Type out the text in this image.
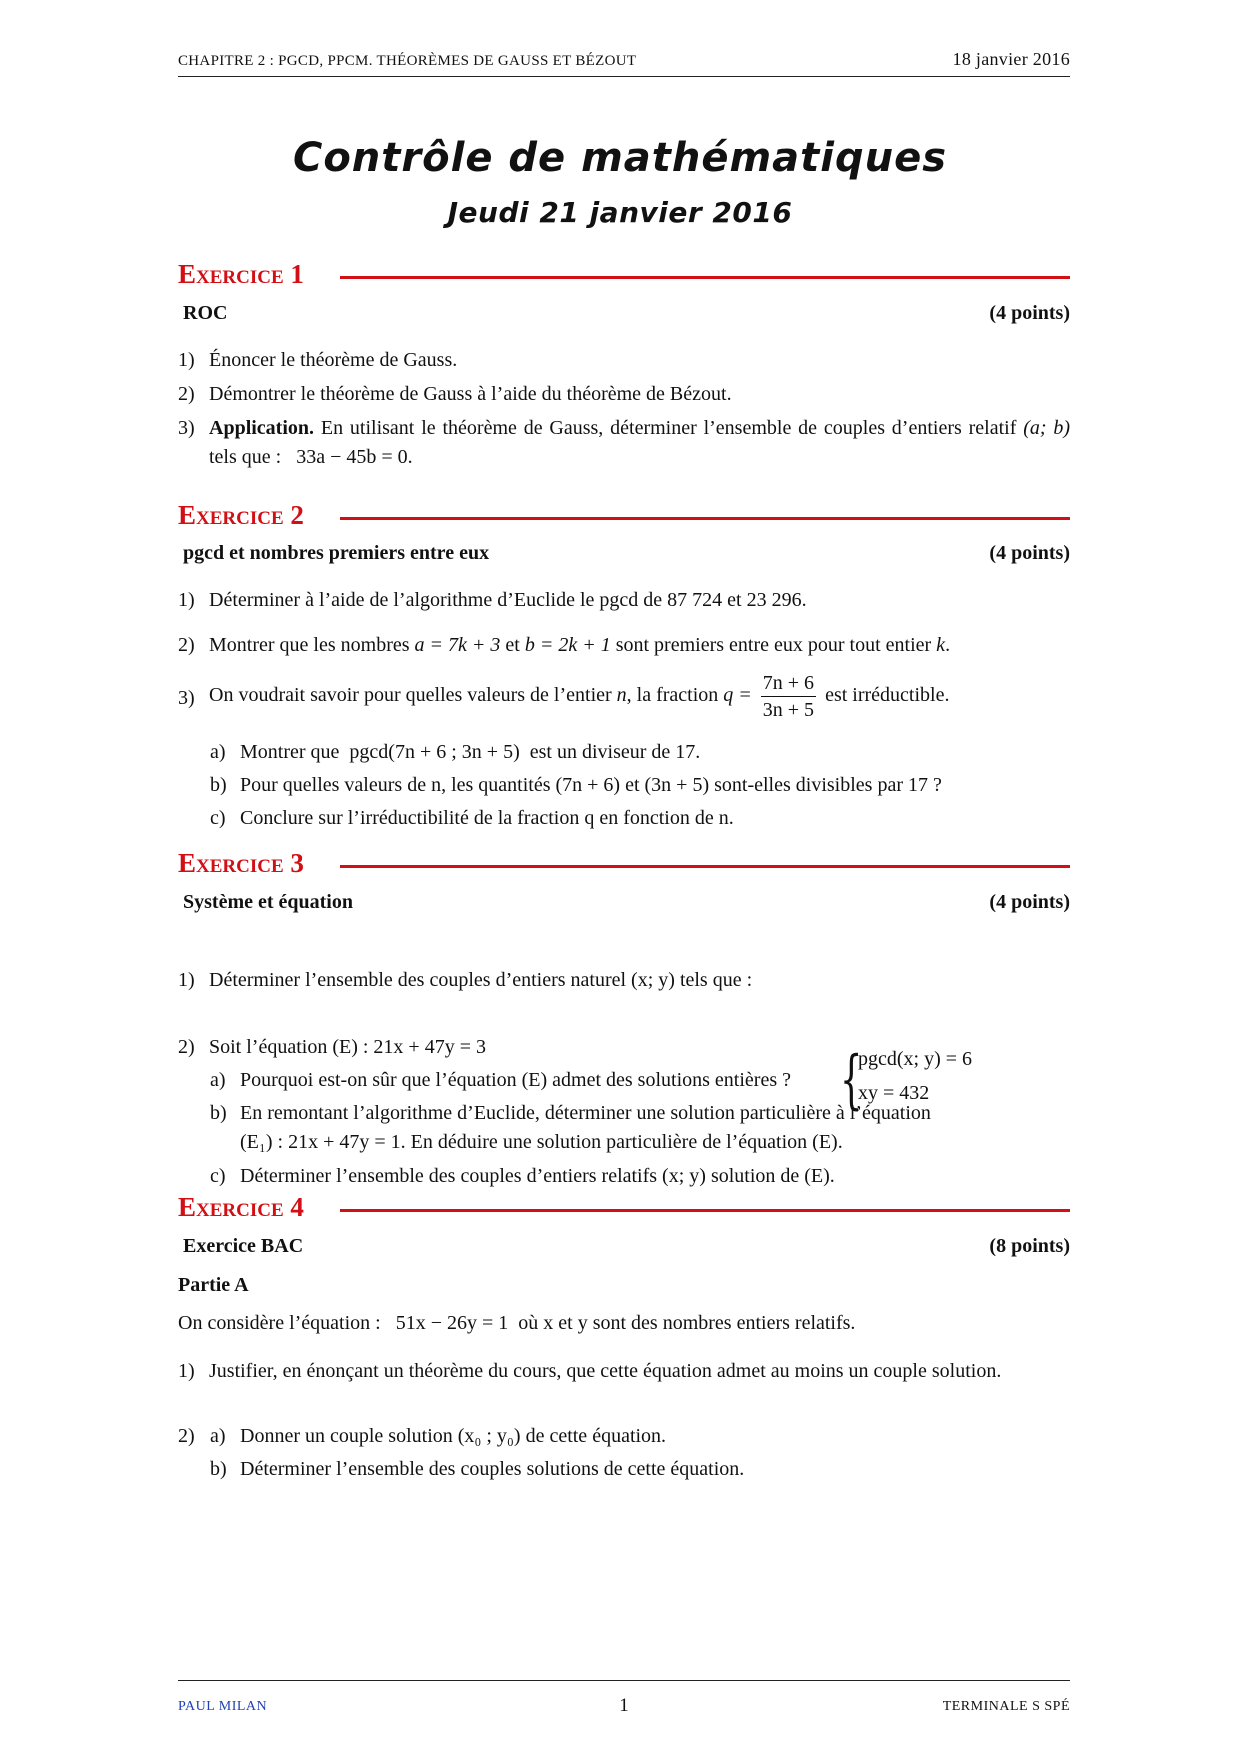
CHAPITRE 2 : PGCD, PPCM. THÉORÈMES DE GAUSS ET BÉZOUT	18 janvier 2016
Contrôle de mathématiques
Jeudi 21 janvier 2016
Exercice 1
ROC	(4 points)
1) Énoncer le théorème de Gauss.
2) Démontrer le théorème de Gauss à l’aide du théorème de Bézout.
3) Application. En utilisant le théorème de Gauss, déterminer l’ensemble de couples d’entiers relatif (a; b) tels que : 33a − 45b = 0.
Exercice 2
pgcd et nombres premiers entre eux	(4 points)
1) Déterminer à l’aide de l’algorithme d’Euclide le pgcd de 87 724 et 23 296.
2) Montrer que les nombres a = 7k + 3 et b = 2k + 1 sont premiers entre eux pour tout entier k.
3) On voudrait savoir pour quelles valeurs de l’entier n, la fraction $q = \frac{7n + 6}{3n + 5}$ est irréductible.
a) Montrer que pgcd(7n + 6 ; 3n + 5) est un diviseur de 17.
b) Pour quelles valeurs de n, les quantités (7n + 6) et (3n + 5) sont-elles divisibles par 17 ?
c) Conclure sur l’irréductibilité de la fraction q en fonction de n.
Exercice 3
Système et équation	(4 points)
1) Déterminer l’ensemble des couples d’entiers naturel (x; y) tels que :
{
pgcd(x; y) = 6
xy = 432
2) Soit l’équation (E) : 21x + 47y = 3
a) Pourquoi est-on sûr que l’équation (E) admet des solutions entières ?
b) En remontant l’algorithme d’Euclide, déterminer une solution particulière à l’équation
(E₁) : 21x + 47y = 1. En déduire une solution particulière de l’équation (E).
c) Déterminer l’ensemble des couples d’entiers relatifs (x; y) solution de (E).
Exercice 4
Exercice BAC	(8 points)
Partie A
On considère l’équation : 51x − 26y = 1 où x et y sont des nombres entiers relatifs.
1) Justifier, en énonçant un théorème du cours, que cette équation admet au moins un couple solution.
2) a) Donner un couple solution (x₀ ; y₀) de cette équation.
b) Déterminer l’ensemble des couples solutions de cette équation.
PAUL MILAN	1	TERMINALE S SPÉ
